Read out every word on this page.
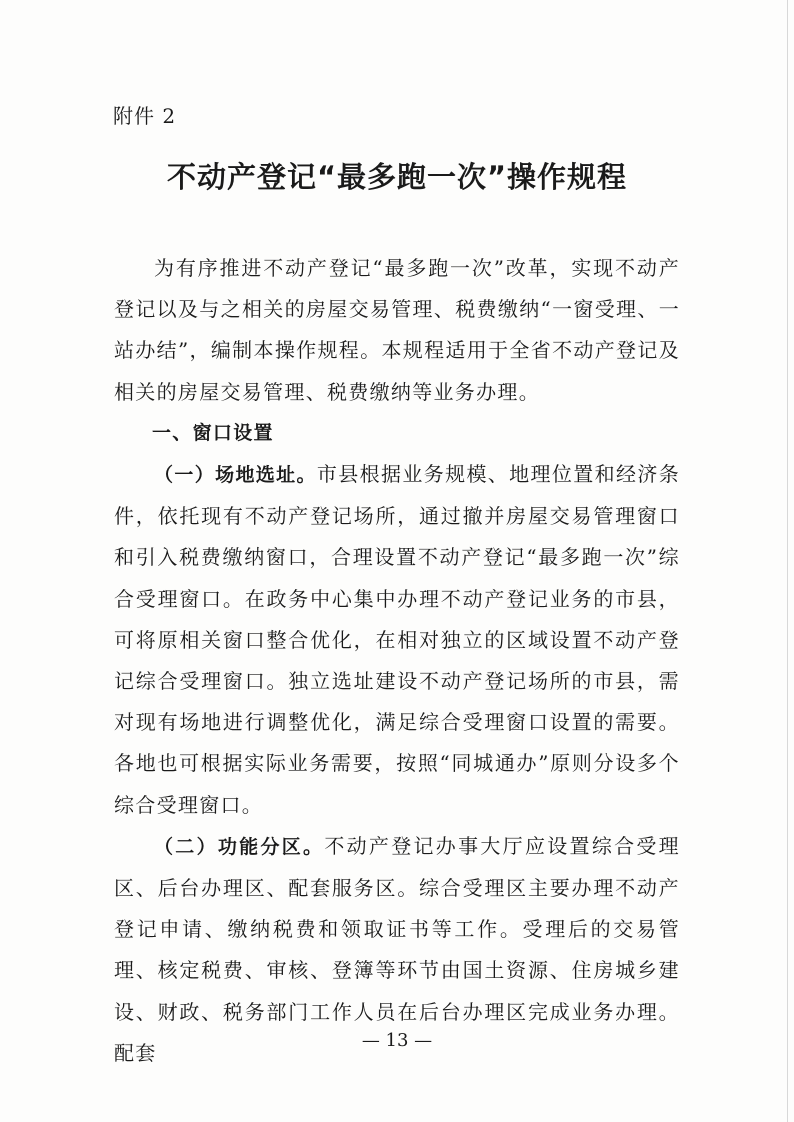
附件 2
不动产登记“最多跑一次”操作规程

为有序推进不动产登记“最多跑一次”改革，实现不动产登记以及与之相关的房屋交易管理、税费缴纳“一窗受理、一站办结”，编制本操作规程。本规程适用于全省不动产登记及相关的房屋交易管理、税费缴纳等业务办理。

一、窗口设置

（一）场地选址。市县根据业务规模、地理位置和经济条件，依托现有不动产登记场所，通过撤并房屋交易管理窗口和引入税费缴纳窗口，合理设置不动产登记“最多跑一次”综合受理窗口。在政务中心集中办理不动产登记业务的市县，可将原相关窗口整合优化，在相对独立的区域设置不动产登记综合受理窗口。独立选址建设不动产登记场所的市县，需对现有场地进行调整优化，满足综合受理窗口设置的需要。各地也可根据实际业务需要，按照“同城通办”原则分设多个综合受理窗口。

（二）功能分区。不动产登记办事大厅应设置综合受理区、后台办理区、配套服务区。综合受理区主要办理不动产登记申请、缴纳税费和领取证书等工作。受理后的交易管理、核定税费、审核、登簿等环节由国土资源、住房城乡建设、财政、税务部门工作人员在后台办理区完成业务办理。配套

— 13 —
